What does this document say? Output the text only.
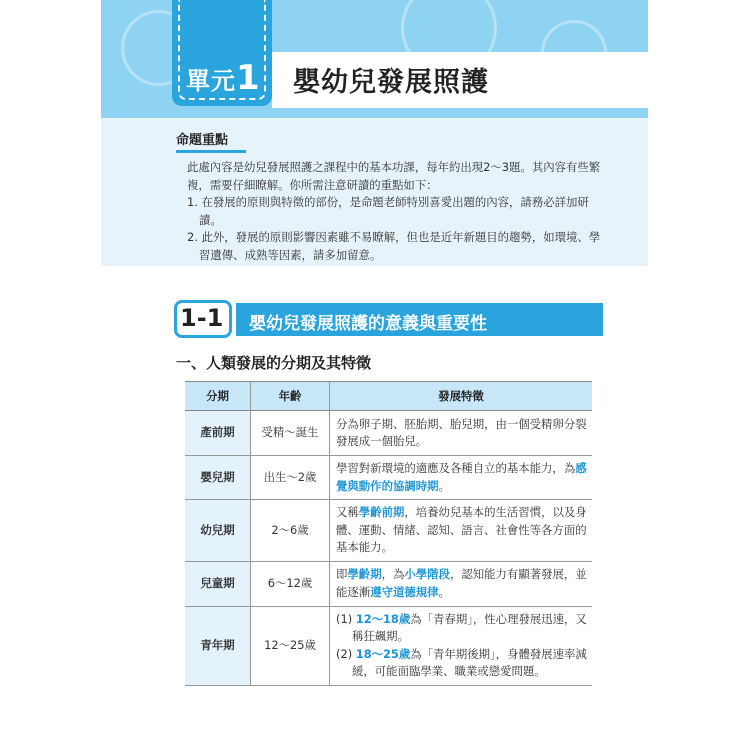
單元1 嬰幼兒發展照護
命題重點

此處內容是幼兒發展照護之課程中的基本功課，每年約出現2～3題。其內容有些繁複，需要仔細瞭解。你所需注意研讀的重點如下：

1. 在發展的原則與特徵的部份，是命題老師特別喜愛出題的內容，請務必詳加研讀。

2. 此外，發展的原則影響因素雖不易瞭解，但也是近年新題目的趨勢，如環境、學習遺傳、成熟等因素，請多加留意。

1-1 嬰幼兒發展照護的意義與重要性
一、人類發展的分期及其特徵
分期	年齡	發展特徵
產前期	受精～誕生	分為卵子期、胚胎期、胎兒期，由一個受精卵分裂發展成一個胎兒。
嬰兒期	出生～2歲	學習對新環境的適應及各種自立的基本能力，為感覺與動作的協調時期。
幼兒期	2～6歲	又稱學齡前期，培養幼兒基本的生活習慣，以及身體、運動、情緒、認知、語言、社會性等各方面的基本能力。
兒童期	6～12歲	即學齡期，為小學階段，認知能力有顯著發展，並能逐漸遵守道德規律。
青年期	12～25歲	(1) 12～18歲為「青春期」，性心理發展迅速，又稱狂飆期。
(2) 18～25歲為「青年期後期」，身體發展速率減緩，可能面臨學業、職業或戀愛問題。
